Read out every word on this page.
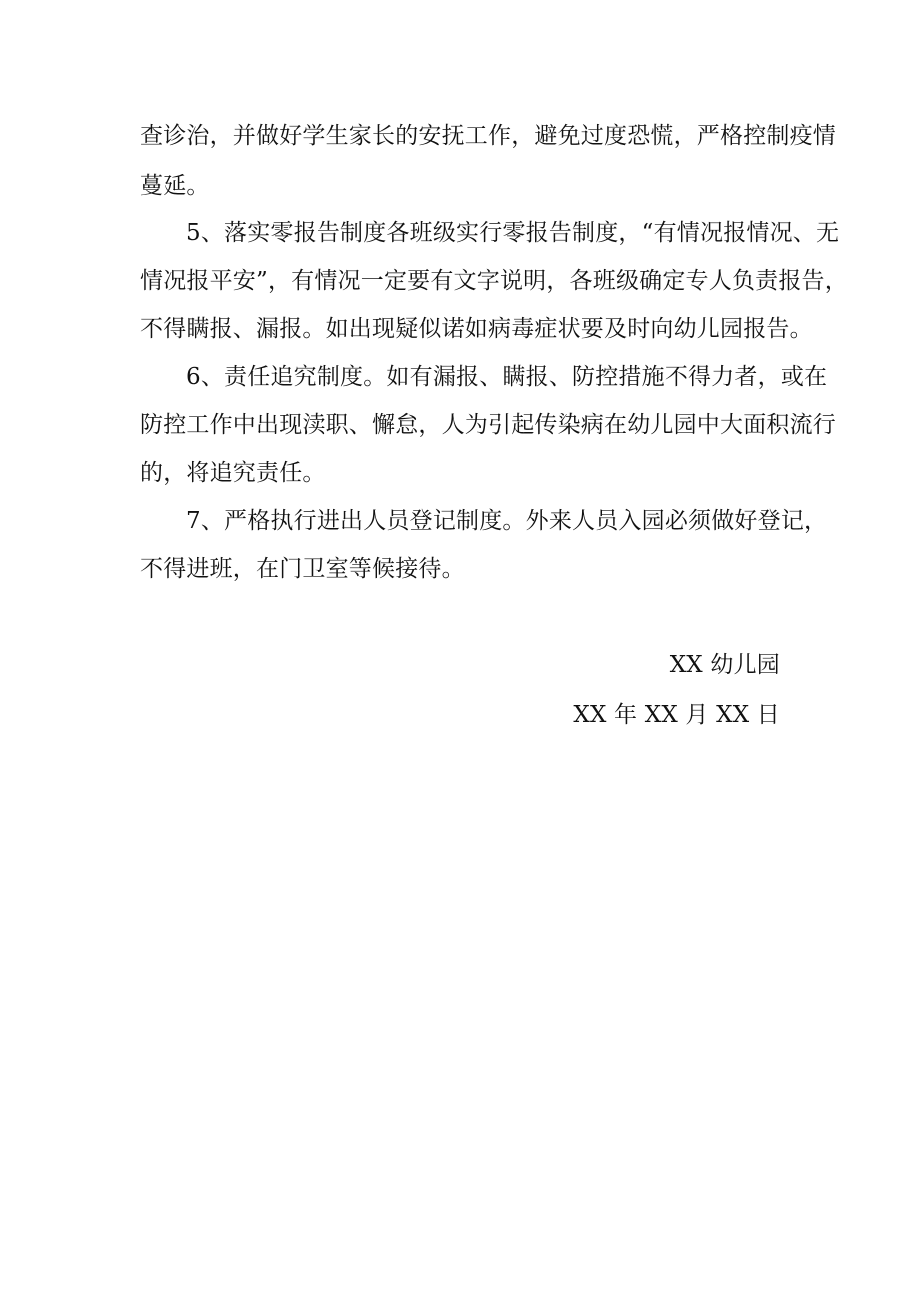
查诊治，并做好学生家长的安抚工作，避免过度恐慌，严格控制疫情
蔓延。
5、落实零报告制度各班级实行零报告制度，“有情况报情况、无
情况报平安”，有情况一定要有文字说明，各班级确定专人负责报告，
不得瞒报、漏报。如出现疑似诺如病毒症状要及时向幼儿园报告。
6、责任追究制度。如有漏报、瞒报、防控措施不得力者，或在
防控工作中出现渎职、懈怠，人为引起传染病在幼儿园中大面积流行
的，将追究责任。
7、严格执行进出人员登记制度。外来人员入园必须做好登记，
不得进班，在门卫室等候接待。
XX 幼儿园
XX 年 XX 月 XX 日
